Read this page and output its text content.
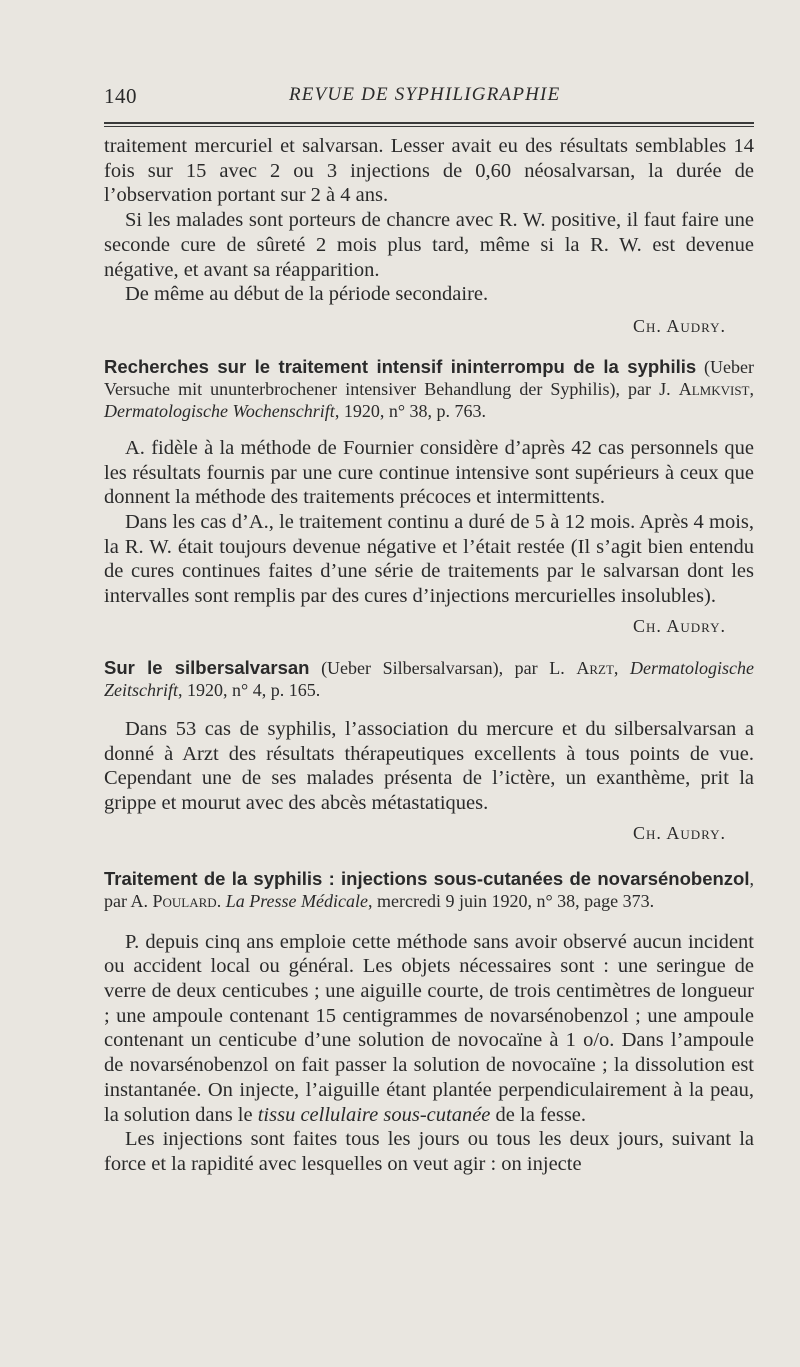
140	REVUE DE SYPHILIGRAPHIE

traitement mercuriel et salvarsan. Lesser avait eu des résultats semblables 14 fois sur 15 avec 2 ou 3 injections de 0,60 néosalvarsan, la durée de l’observation portant sur 2 à 4 ans.

Si les malades sont porteurs de chancre avec R. W. positive, il faut faire une seconde cure de sûreté 2 mois plus tard, même si la R. W. est devenue négative, et avant sa réapparition.

De même au début de la période secondaire.

Ch. Audry.

Recherches sur le traitement intensif ininterrompu de la syphilis (Ueber Versuche mit ununterbrochener intensiver Behandlung der Syphilis), par J. Almkvist, Dermatologische Wochenschrift, 1920, n° 38, p. 763.

A. fidèle à la méthode de Fournier considère d’après 42 cas personnels que les résultats fournis par une cure continue intensive sont supérieurs à ceux que donnent la méthode des traitements précoces et intermittents.

Dans les cas d’A., le traitement continu a duré de 5 à 12 mois. Après 4 mois, la R. W. était toujours devenue négative et l’était restée (Il s’agit bien entendu de cures continues faites d’une série de traitements par le salvarsan dont les intervalles sont remplis par des cures d’injections mercurielles insolubles).

Ch. Audry.

Sur le silbersalvarsan (Ueber Silbersalvarsan), par L. Arzt, Dermatologische Zeitschrift, 1920, n° 4, p. 165.

Dans 53 cas de syphilis, l’association du mercure et du silbersalvarsan a donné à Arzt des résultats thérapeutiques excellents à tous points de vue. Cependant une de ses malades présenta de l’ictère, un exanthème, prit la grippe et mourut avec des abcès métastatiques.

Ch. Audry.

Traitement de la syphilis : injections sous-cutanées de novarsénobenzol, par A. Poulard. La Presse Médicale, mercredi 9 juin 1920, n° 38, page 373.

P. depuis cinq ans emploie cette méthode sans avoir observé aucun incident ou accident local ou général. Les objets nécessaires sont : une seringue de verre de deux centicubes ; une aiguille courte, de trois centimètres de longueur ; une ampoule contenant 15 centigrammes de novarsénobenzol ; une ampoule contenant un centicube d’une solution de novocaïne à 1 o/o. Dans l’ampoule de novarsénobenzol on fait passer la solution de novocaïne ; la dissolution est instantanée. On injecte, l’aiguille étant plantée perpendiculairement à la peau, la solution dans le tissu cellulaire sous-cutanée de la fesse.

Les injections sont faites tous les jours ou tous les deux jours, suivant la force et la rapidité avec lesquelles on veut agir : on injecte
